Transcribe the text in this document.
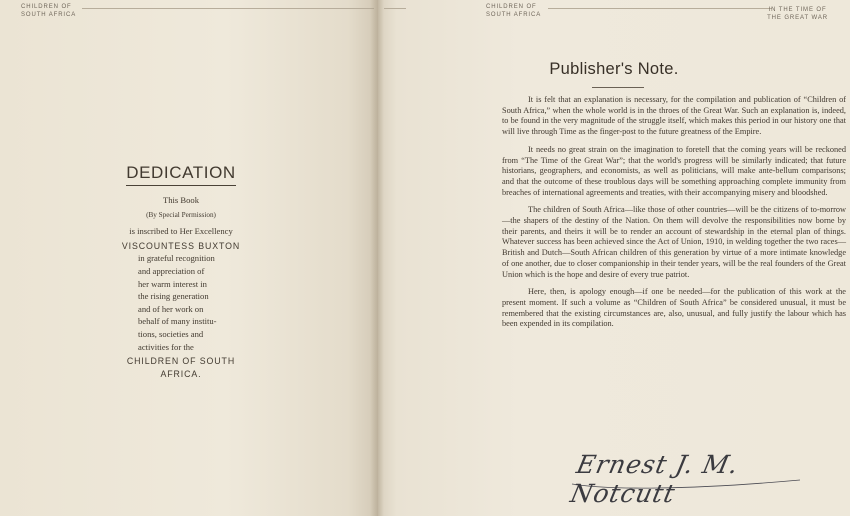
CHILDREN OF
SOUTH AFRICA
DEDICATION
This Book
(By Special Permission)
is inscribed to Her Excellency
VISCOUNTESS BUXTON
in grateful recognition
and appreciation of
her warm interest in
the rising generation
and of her work on
behalf of many institu-
tions, societies and
activities for the
CHILDREN OF SOUTH
AFRICA.
CHILDREN OF
SOUTH AFRICA
IN THE TIME OF
THE GREAT WAR
Publisher's Note.

It is felt that an explanation is necessary, for the compilation and publication of “Children of South Africa,” when the whole world is in the throes of the Great War. Such an explanation is, indeed, to be found in the very magnitude of the struggle itself, which makes this period in our history one that will live through Time as the finger-post to the future greatness of the Empire.

It needs no great strain on the imagination to foretell that the coming years will be reckoned from “The Time of the Great War”; that the world's progress will be similarly indicated; that future historians, geographers, and economists, as well as politicians, will make ante-bellum comparisons; and that the outcome of these troublous days will be something approaching complete immunity from breaches of international agreements and treaties, with their accompanying misery and bloodshed.

The children of South Africa—like those of other countries—will be the citizens of to-morrow—the shapers of the destiny of the Nation. On them will devolve the responsibilities now borne by their parents, and theirs it will be to render an account of stewardship in the eternal plan of things. Whatever success has been achieved since the Act of Union, 1910, in welding together the two races—British and Dutch—South African children of this generation by virtue of a more intimate knowledge of one another, due to closer companionship in their tender years, will be the real founders of the Great Union which is the hope and desire of every true patriot.

Here, then, is apology enough—if one be needed—for the publication of this work at the present moment. If such a volume as “Children of South Africa” be considered unusual, it must be remembered that the existing circumstances are, also, unusual, and fully justify the labour which has been expended in its compilation.

Ernest J. M. Notcutt
